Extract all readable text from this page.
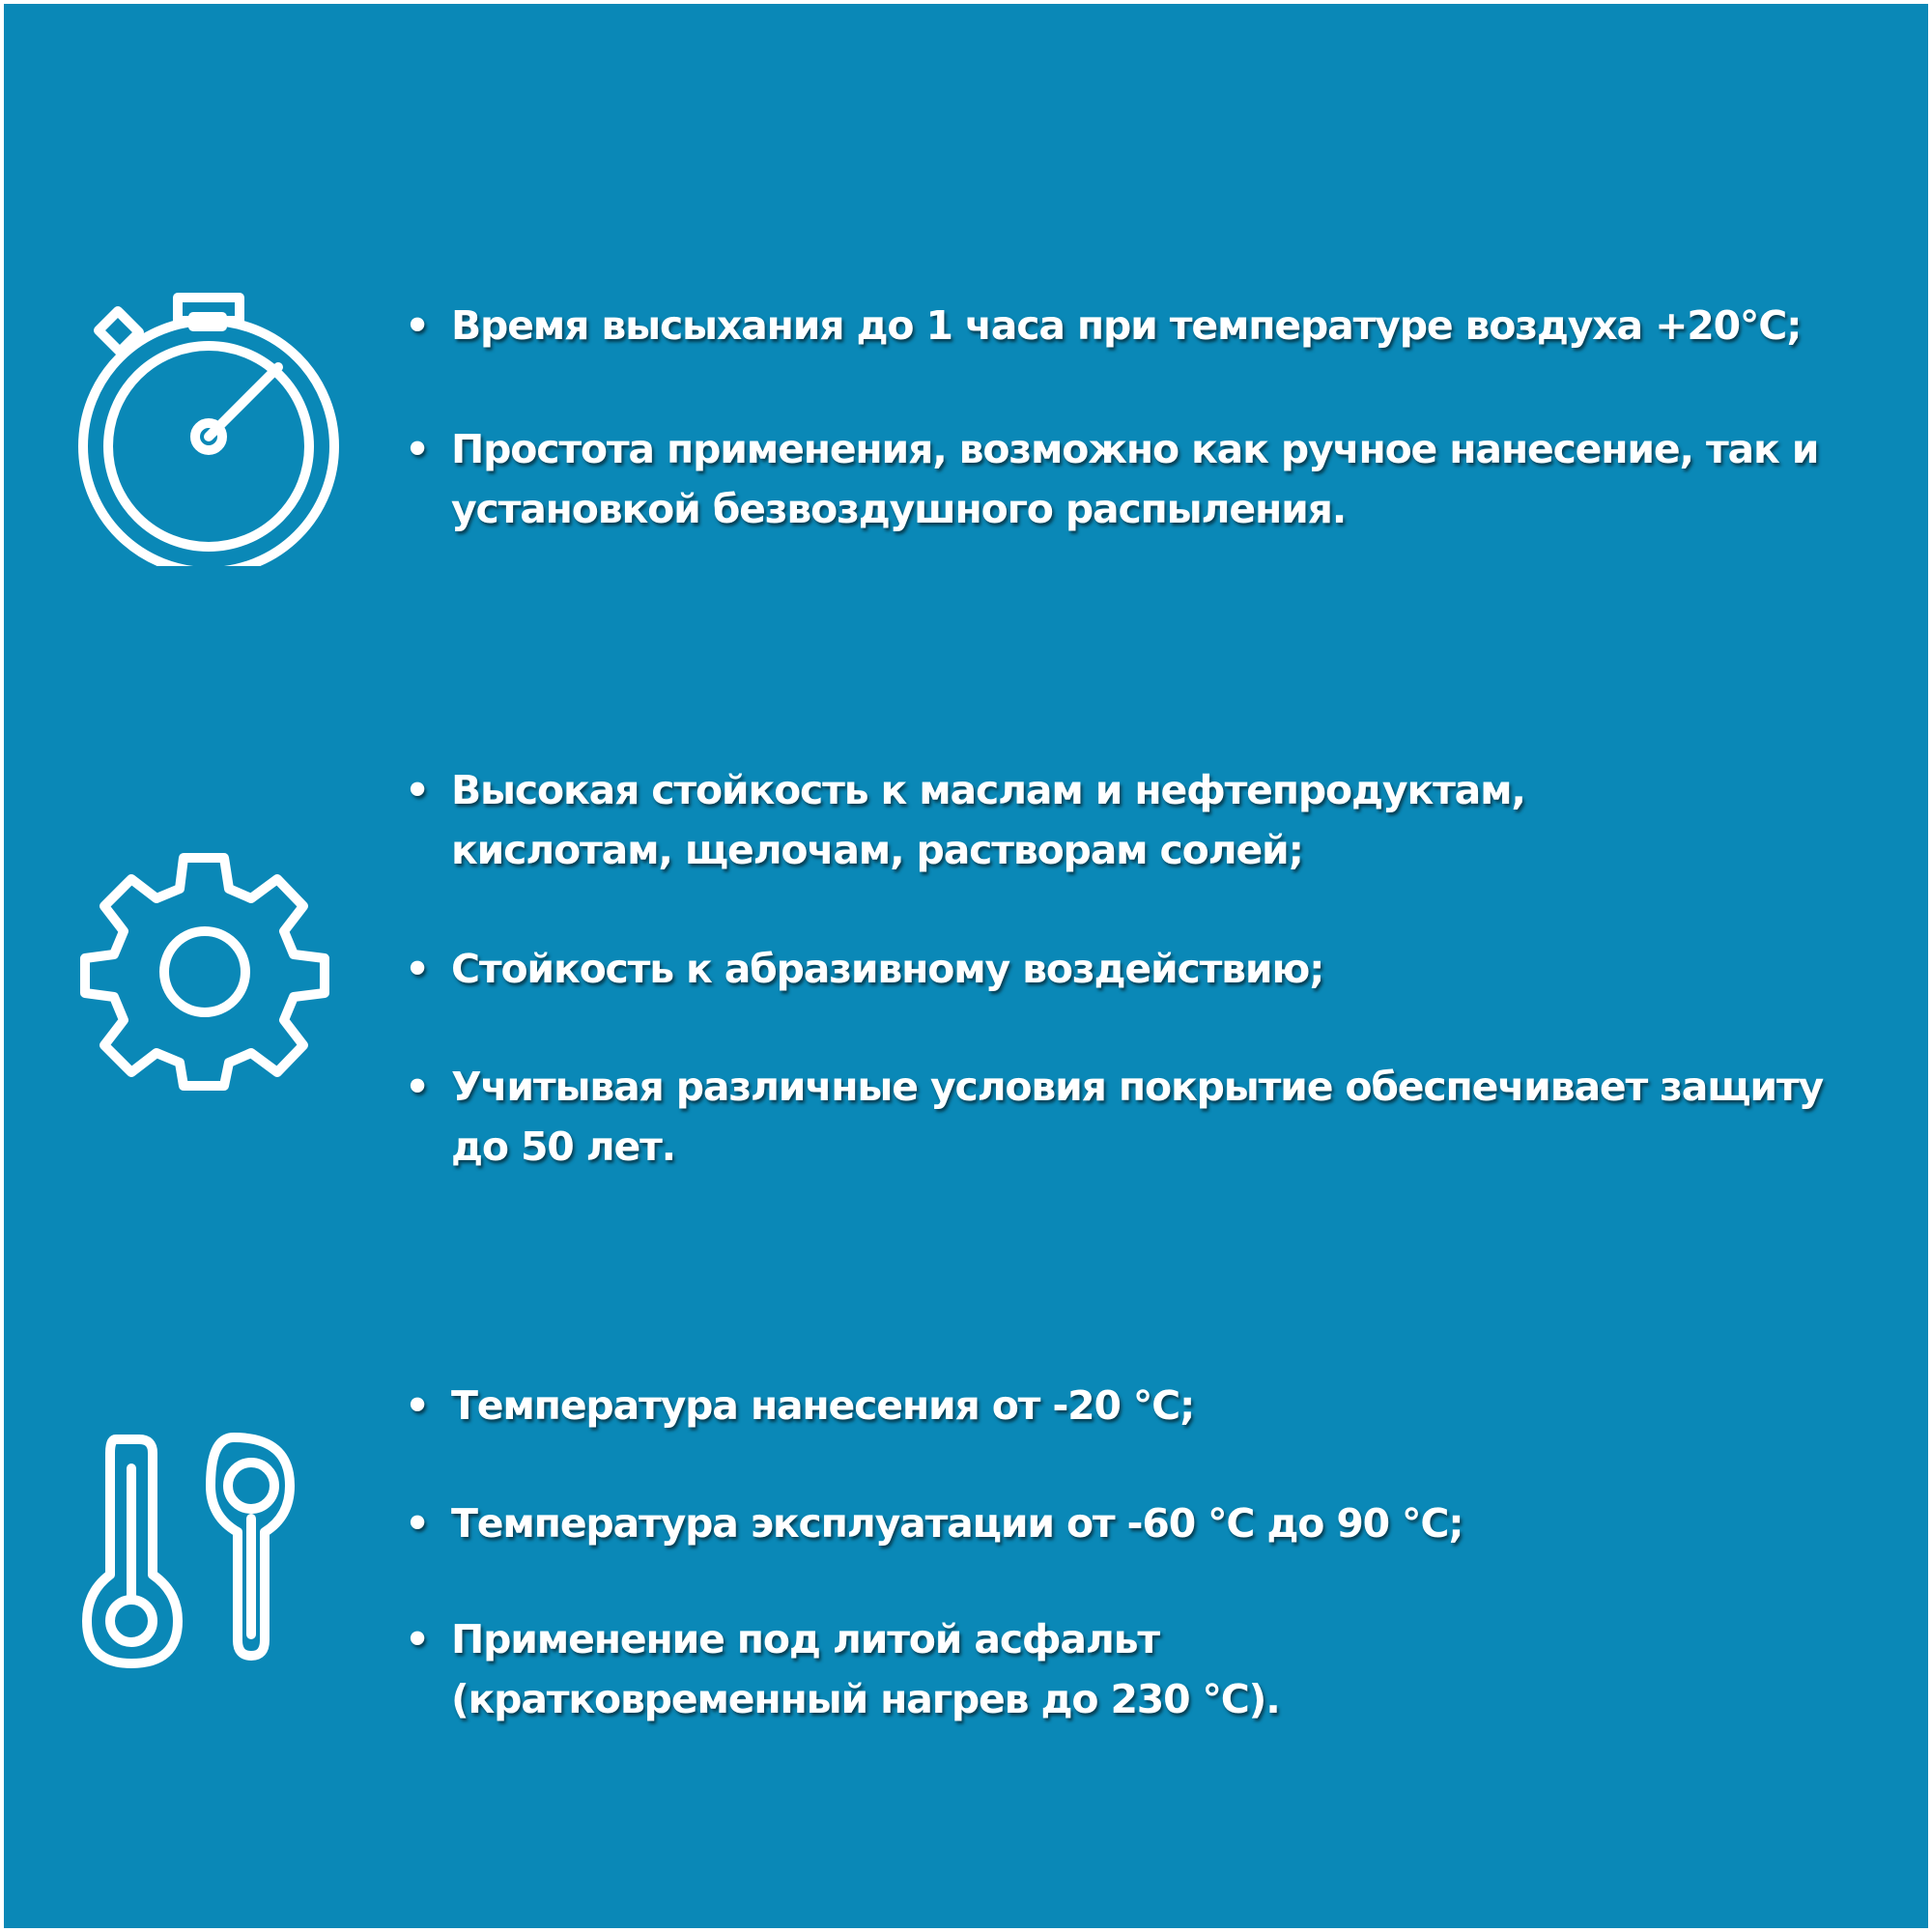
• Время высыхания до 1 часа при температуре воздуха +20°С;
• Простота применения, возможно как ручное нанесение, так и установкой безвоздушного распыления.
• Высокая стойкость к маслам и нефтепродуктам, кислотам, щелочам, растворам солей;
• Стойкость к абразивному воздействию;
• Учитывая различные условия покрытие обеспечивает защиту до 50 лет.
• Температура нанесения от -20 °С;
• Температура эксплуатации от -60 °С до 90 °С;
• Применение под литой асфальт (кратковременный нагрев до 230 °С).
